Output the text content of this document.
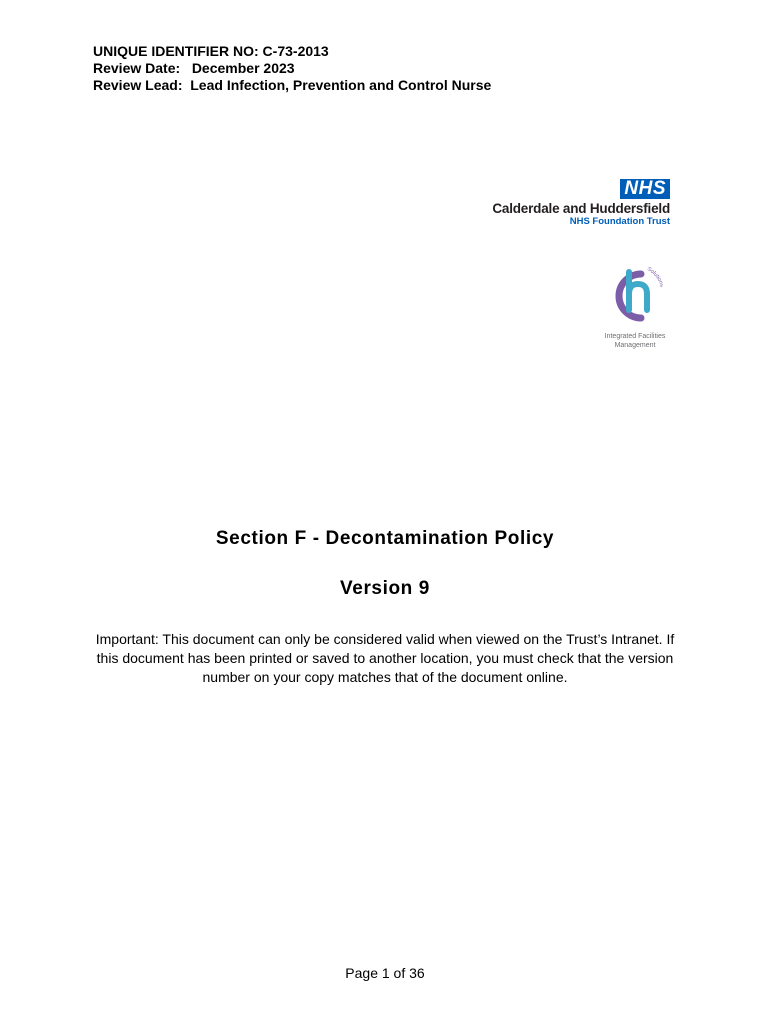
UNIQUE IDENTIFIER NO: C-73-2013
Review Date:   December 2023
Review Lead:  Lead Infection, Prevention and Control Nurse
NHS
Calderdale and Huddersfield
NHS Foundation Trust
Solutio
Integrated Facilities
Management
Section F - Decontamination Policy
Version 9
Important: This document can only be considered valid when viewed on the Trust’s Intranet. If this document has been printed or saved to another location, you must check that the version number on your copy matches that of the document online.
Page 1 of 36
